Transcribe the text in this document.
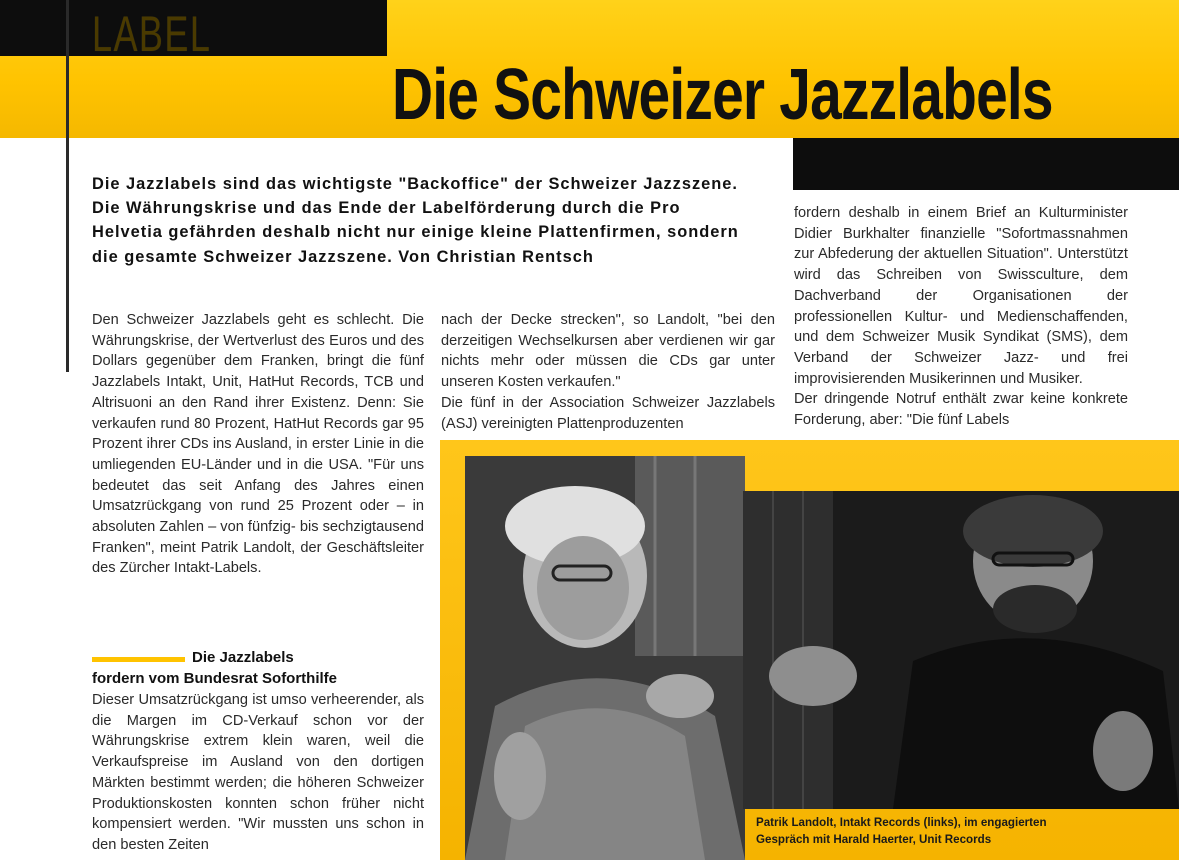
LABEL
Die Schweizer Jazzlabels
Die Jazzlabels sind das wichtigste "Backoffice" der Schweizer Jazzszene. Die Währungskrise und das Ende der Labelförderung durch die Pro Helvetia gefährden deshalb nicht nur einige kleine Plattenfirmen, sondern die gesamte Schweizer Jazzszene. Von Christian Rentsch

Den Schweizer Jazzlabels geht es schlecht. Die Währungskrise, der Wertverlust des Euros und des Dollars gegenüber dem Franken, bringt die fünf Jazzlabels Intakt, Unit, HatHut Records, TCB und Altrisuoni an den Rand ihrer Existenz. Denn: Sie verkaufen rund 80 Prozent, HatHut Records gar 95 Prozent ihrer CDs ins Ausland, in erster Linie in die umliegenden EU-Länder und in die USA. "Für uns bedeutet das seit Anfang des Jahres einen Umsatzrückgang von rund 25 Prozent oder – in absoluten Zahlen – von fünfzig- bis sechzigtausend Franken", meint Patrik Landolt, der Geschäftsleiter des Zürcher Intakt-Labels.

Die Jazzlabels
fordern vom Bundesrat Soforthilfe

Dieser Umsatzrückgang ist umso verheerender, als die Margen im CD-Verkauf schon vor der Währungskrise extrem klein waren, weil die Verkaufspreise im Ausland von den dortigen Märkten bestimmt werden; die höheren Schweizer Produktionskosten konnten schon früher nicht kompensiert werden. "Wir mussten uns schon in den besten Zeiten

nach der Decke strecken", so Landolt, "bei den derzeitigen Wechselkursen aber verdienen wir gar nichts mehr oder müssen die CDs gar unter unseren Kosten verkaufen."

Die fünf in der Association Schweizer Jazzlabels (ASJ) vereinigten Plattenproduzenten

fordern deshalb in einem Brief an Kulturminister Didier Burkhalter finanzielle "Sofortmassnahmen zur Abfederung der aktuellen Situation". Unterstützt wird das Schreiben von Swissculture, dem Dachverband der Organisationen der professionellen Kultur- und Medienschaffenden, und dem Schweizer Musik Syndikat (SMS), dem Verband der Schweizer Jazz- und frei improvisierenden Musikerinnen und Musiker.

Der dringende Notruf enthält zwar keine konkrete Forderung, aber: "Die fünf Labels

Patrik Landolt, Intakt Records (links), im engagierten
Gespräch mit Harald Haerter, Unit Records
